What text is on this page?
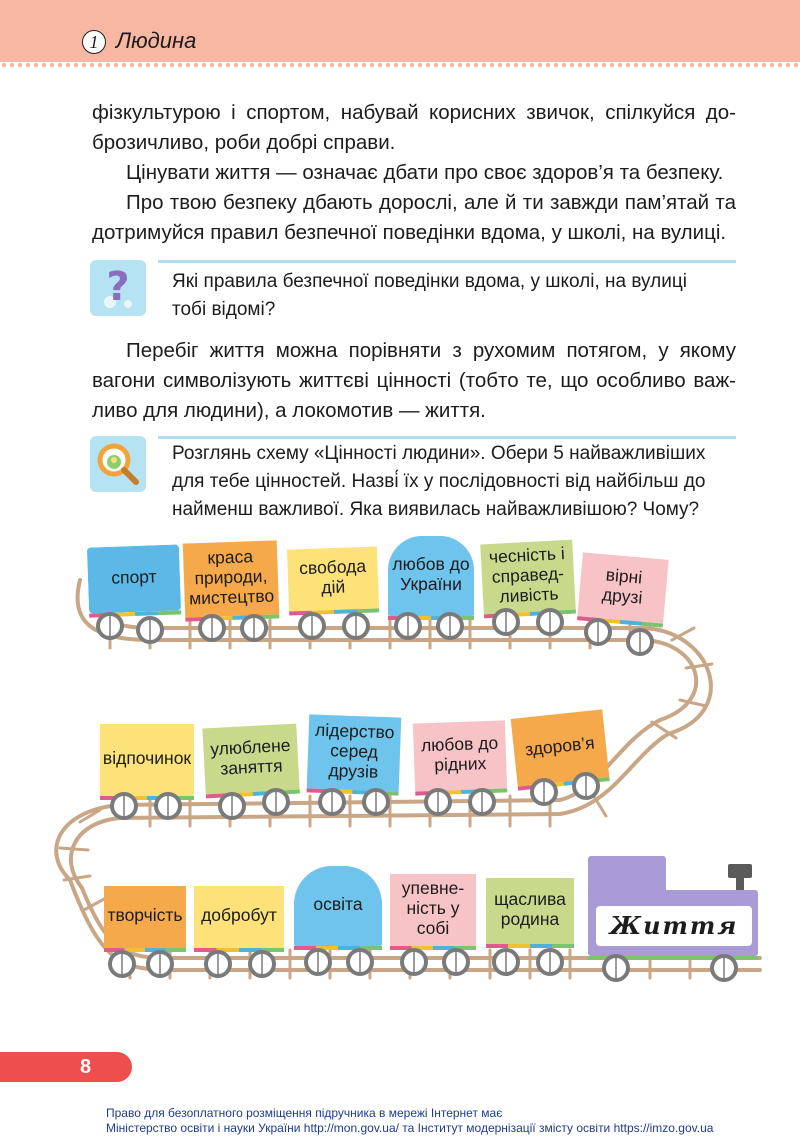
1 Людина
фізкультурою і спортом, набувай корисних звичок, спілкуйся до-
брозичливо, роби добрі справи.
Цінувати життя — означає дбати про своє здоров’я та безпеку.
Про твою безпеку дбають дорослі, але й ти завжди пам’ятай та
дотримуйся правил безпечної поведінки вдома, у школі, на вулиці.
? Які правила безпечної поведінки вдома, у школі, на вулиці
тобі відомі?
Перебіг життя можна порівняти з рухомим потягом, у якому
вагони символізують життєві цінності (тобто те, що особливо важ-
ливо для людини), а локомотив — життя.
Розглянь схему «Цінності людини». Обери 5 найважливіших
для тебе цінностей. Назві́ їх у послідовності від найбільш до
найменш важливої. Яка виявилась найважливішою? Чому?
спорт
краса природи, мистецтво
свобода дій
любов до України
чесність і справед-ливість
вірні друзі
відпочинок улюблене заняття
лідерство серед друзів
любов до рідних
здоров’я
творчість добробут
освіта
упевне-ність у собі
щаслива родина	Життя
8
Право для безоплатного розміщення підручника в мережі Інтернет має
Міністерство освіти і науки України http://mon.gov.ua/ та Інститут модернізації змісту освіти https://imzo.gov.ua
